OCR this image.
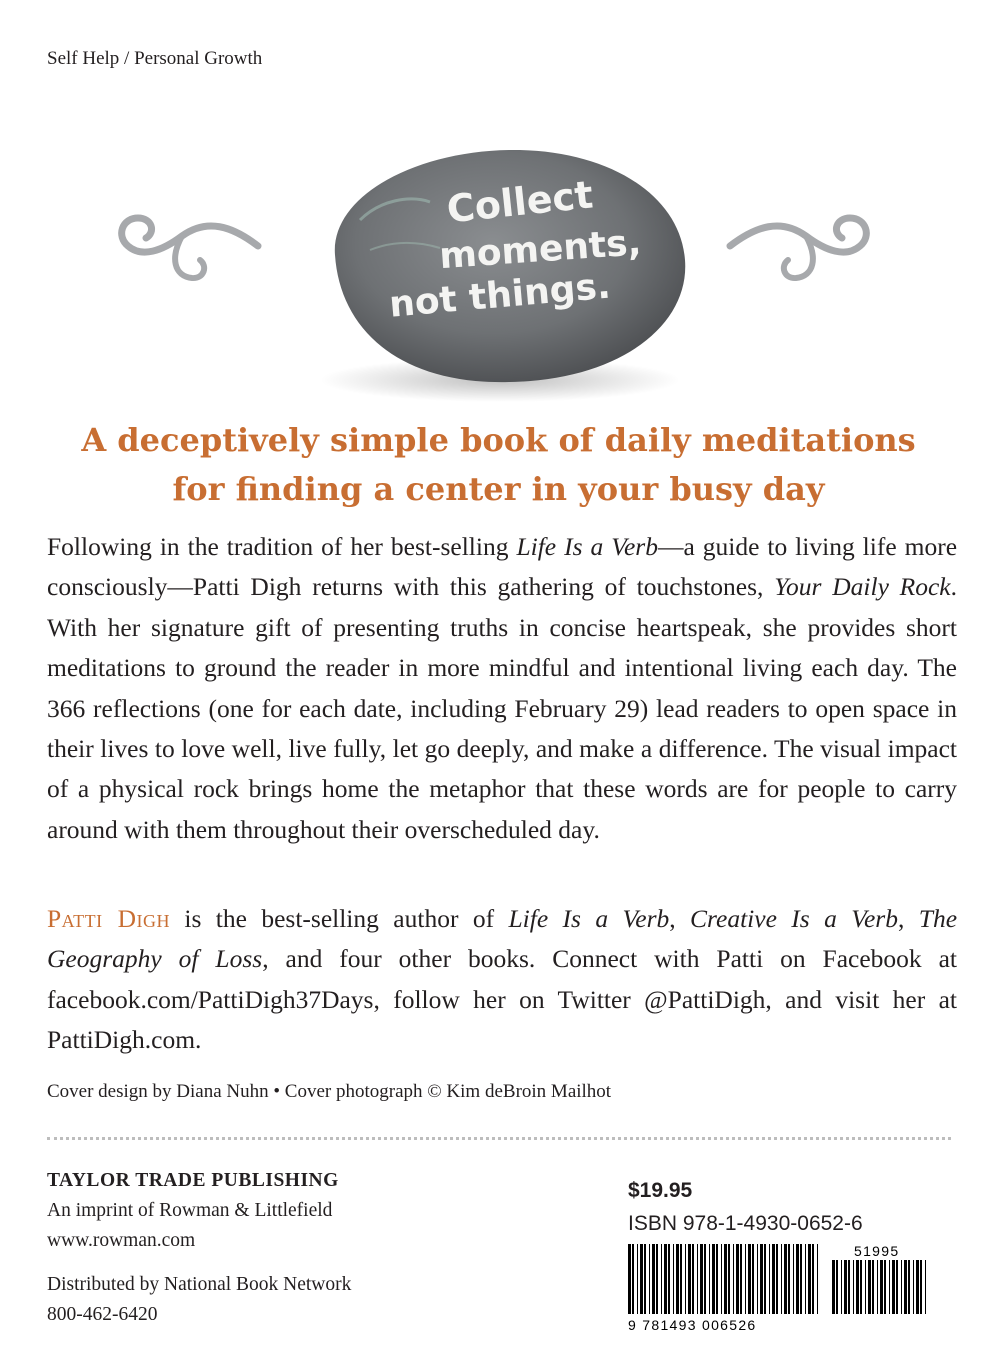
Self Help / Personal Growth
Collect
moments,
not things.
A deceptively simple book of daily meditations
for finding a center in your busy day

Following in the tradition of her best-selling Life Is a Verb—a guide to living life more consciously—Patti Digh returns with this gathering of touchstones, Your Daily Rock. With her signature gift of presenting truths in concise heartspeak, she provides short meditations to ground the reader in more mindful and intentional living each day. The 366 reflections (one for each date, including February 29) lead readers to open space in their lives to love well, live fully, let go deeply, and make a difference. The visual impact of a physical rock brings home the metaphor that these words are for people to carry around with them throughout their overscheduled day.

Patti Digh is the best-selling author of Life Is a Verb, Creative Is a Verb, The Geography of Loss, and four other books. Connect with Patti on Facebook at facebook.com/PattiDigh37Days, follow her on Twitter @PattiDigh, and visit her at PattiDigh.com.

Cover design by Diana Nuhn • Cover photograph © Kim deBroin Mailhot
TAYLOR TRADE PUBLISHING
An imprint of Rowman & Littlefield
www.rowman.com
Distributed by National Book Network
800-462-6420
$19.95
ISBN 978-1-4930-0652-6
51995
9 781493 006526
